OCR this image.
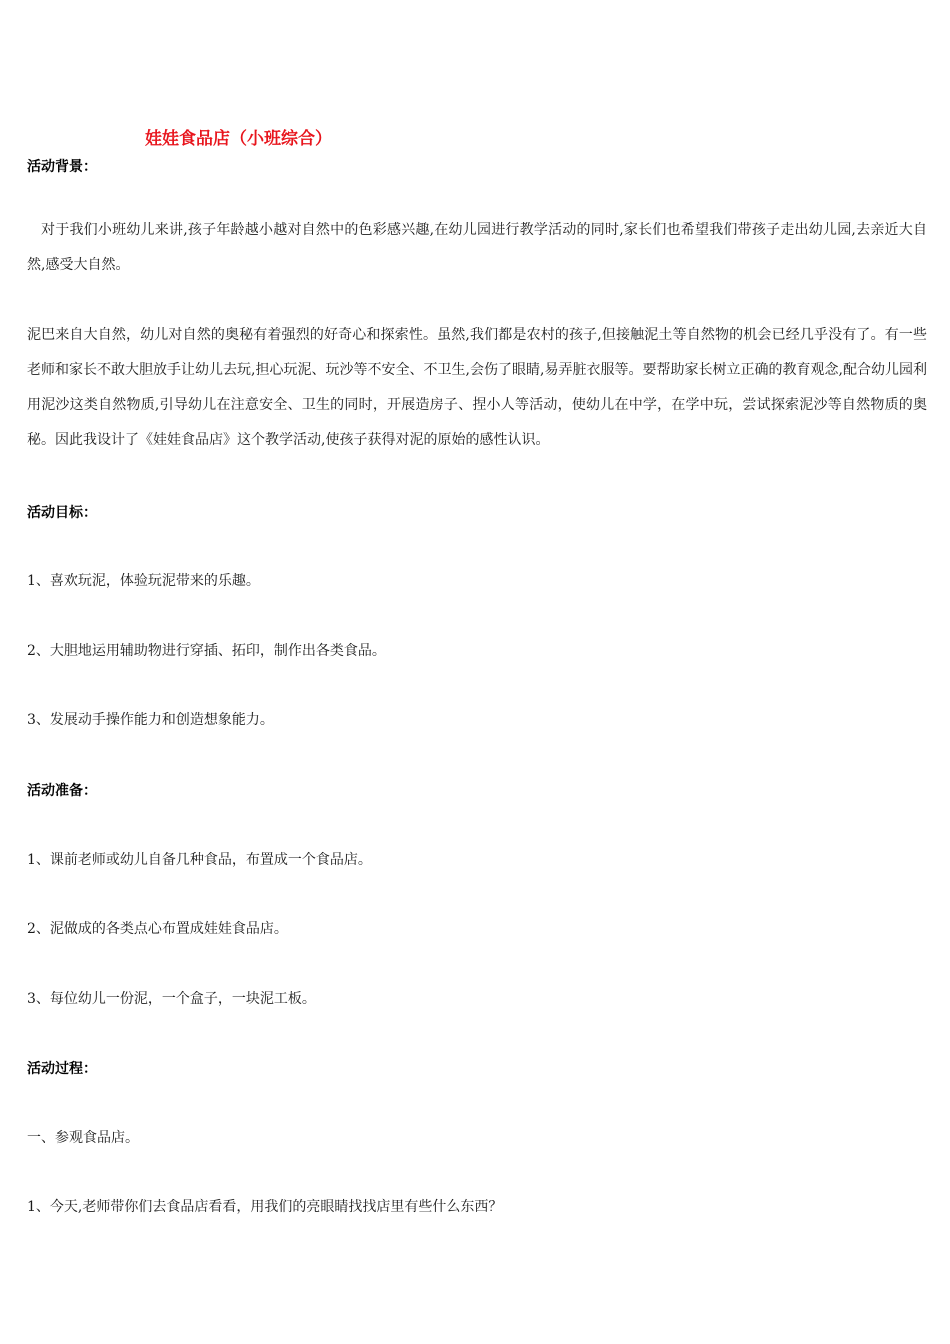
娃娃食品店（小班综合）
活动背景：
对于我们小班幼儿来讲,孩子年龄越小越对自然中的色彩感兴趣,在幼儿园进行教学活动的同时,家长们也希望我们带孩子走出幼儿园,去亲近大自然,感受大自然。
泥巴来自大自然，幼儿对自然的奥秘有着强烈的好奇心和探索性。虽然,我们都是农村的孩子,但接触泥土等自然物的机会已经几乎没有了。有一些老师和家长不敢大胆放手让幼儿去玩,担心玩泥、玩沙等不安全、不卫生,会伤了眼睛,易弄脏衣服等。要帮助家长树立正确的教育观念,配合幼儿园利用泥沙这类自然物质,引导幼儿在注意安全、卫生的同时，开展造房子、捏小人等活动，使幼儿在中学，在学中玩，尝试探索泥沙等自然物质的奥秘。因此我设计了《娃娃食品店》这个教学活动,使孩子获得对泥的原始的感性认识。
活动目标：
1、喜欢玩泥，体验玩泥带来的乐趣。
2、大胆地运用辅助物进行穿插、拓印，制作出各类食品。
3、发展动手操作能力和创造想象能力。
活动准备：
1、课前老师或幼儿自备几种食品，布置成一个食品店。
2、泥做成的各类点心布置成娃娃食品店。
3、每位幼儿一份泥，一个盒子，一块泥工板。
活动过程：
一、参观食品店。
1、今天,老师带你们去食品店看看，用我们的亮眼睛找找店里有些什么东西？
